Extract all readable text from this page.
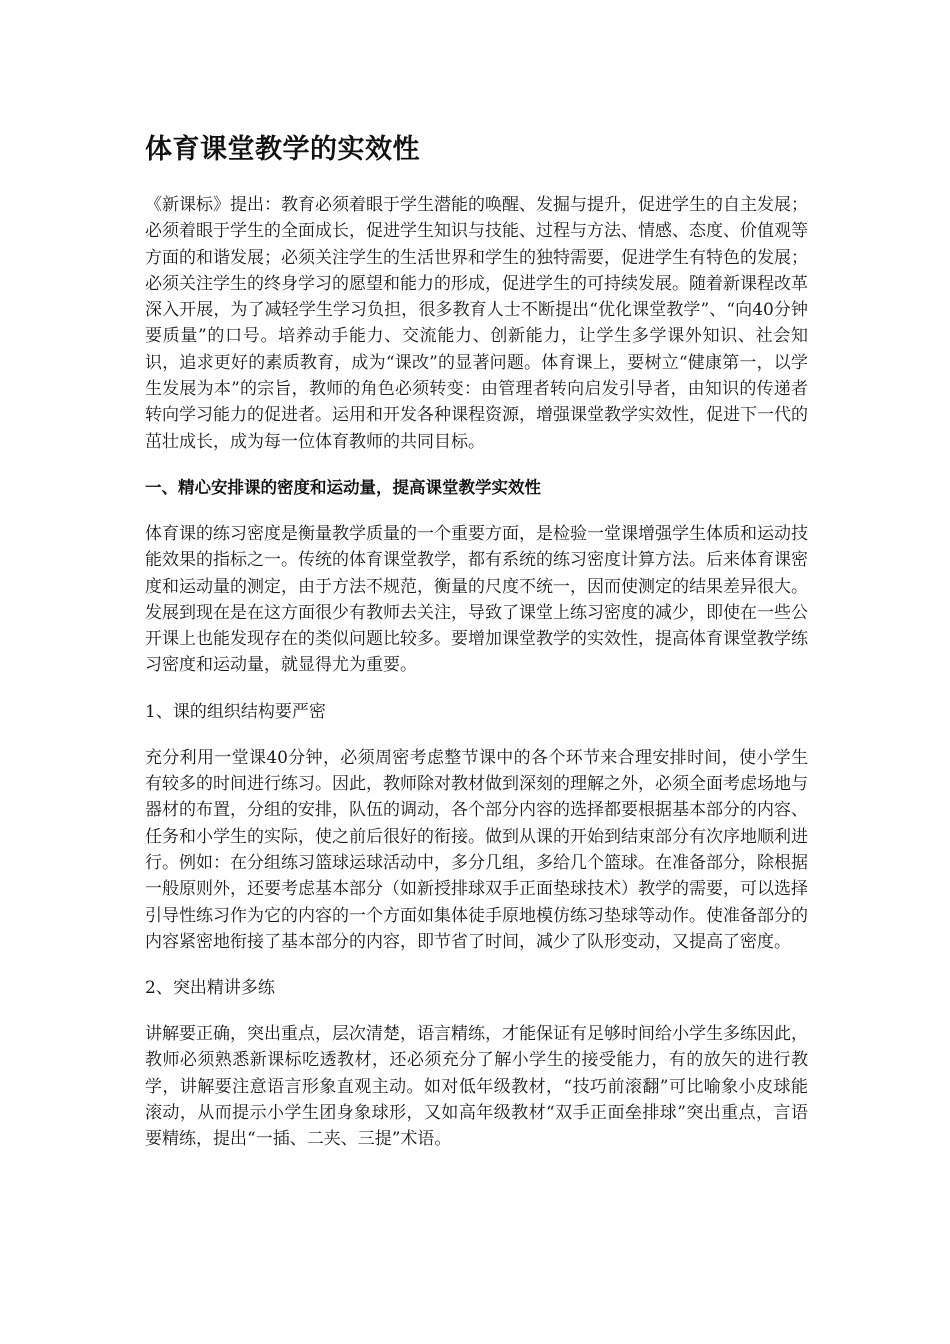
体育课堂教学的实效性

《新课标》提出：教育必须着眼于学生潜能的唤醒、发掘与提升，促进学生的自主发展；必须着眼于学生的全面成长，促进学生知识与技能、过程与方法、情感、态度、价值观等方面的和谐发展；必须关注学生的生活世界和学生的独特需要，促进学生有特色的发展；必须关注学生的终身学习的愿望和能力的形成，促进学生的可持续发展。随着新课程改革深入开展，为了减轻学生学习负担，很多教育人士不断提出“优化课堂教学”、“向40分钟要质量”的口号。培养动手能力、交流能力、创新能力，让学生多学课外知识、社会知识，追求更好的素质教育，成为“课改”的显著问题。体育课上，要树立“健康第一，以学生发展为本”的宗旨，教师的角色必须转变：由管理者转向启发引导者，由知识的传递者转向学习能力的促进者。运用和开发各种课程资源，增强课堂教学实效性，促进下一代的茁壮成长，成为每一位体育教师的共同目标。

一、精心安排课的密度和运动量，提高课堂教学实效性

体育课的练习密度是衡量教学质量的一个重要方面，是检验一堂课增强学生体质和运动技能效果的指标之一。传统的体育课堂教学，都有系统的练习密度计算方法。后来体育课密度和运动量的测定，由于方法不规范，衡量的尺度不统一，因而使测定的结果差异很大。发展到现在是在这方面很少有教师去关注，导致了课堂上练习密度的减少，即使在一些公开课上也能发现存在的类似问题比较多。要增加课堂教学的实效性，提高体育课堂教学练习密度和运动量，就显得尤为重要。

1、课的组织结构要严密

充分利用一堂课40分钟，必须周密考虑整节课中的各个环节来合理安排时间，使小学生有较多的时间进行练习。因此，教师除对教材做到深刻的理解之外，必须全面考虑场地与器材的布置，分组的安排，队伍的调动，各个部分内容的选择都要根据基本部分的内容、任务和小学生的实际，使之前后很好的衔接。做到从课的开始到结束部分有次序地顺利进行。例如：在分组练习篮球运球活动中，多分几组，多给几个篮球。在准备部分，除根据一般原则外，还要考虑基本部分（如新授排球双手正面垫球技术）教学的需要，可以选择引导性练习作为它的内容的一个方面如集体徒手原地模仿练习垫球等动作。使准备部分的内容紧密地衔接了基本部分的内容，即节省了时间，减少了队形变动，又提高了密度。

2、突出精讲多练

讲解要正确，突出重点，层次清楚，语言精练，才能保证有足够时间给小学生多练因此，教师必须熟悉新课标吃透教材，还必须充分了解小学生的接受能力，有的放矢的进行教学，讲解要注意语言形象直观主动。如对低年级教材，“技巧前滚翻”可比喻象小皮球能滚动，从而提示小学生团身象球形，又如高年级教材“双手正面垒排球”突出重点，言语要精练，提出“一插、二夹、三提”术语。
